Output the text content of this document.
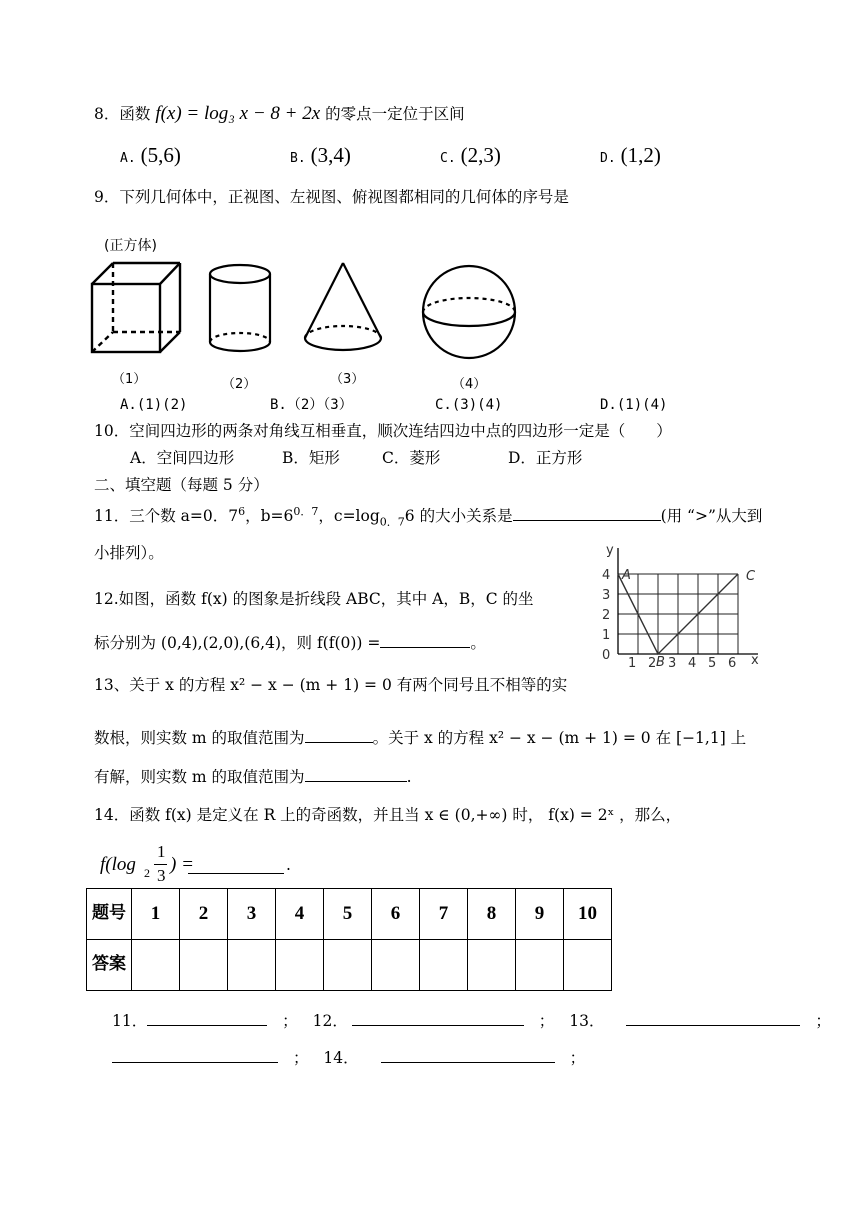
8．函数 f(x) = log₃ x − 8 + 2x 的零点一定位于区间
A. (5,6)	B. (3,4)	C. (2,3)	D. (1,2)
9．下列几何体中，正视图、左视图、俯视图都相同的几何体的序号是
(正方体)
（1）	（2）	（3）	（4）
A.(1)(2)	B.（2）（3）	C.(3)(4)	D.(1)(4)
10．空间四边形的两条对角线互相垂直，顺次连结四边中点的四边形一定是（　　）
A．空间四边形	B．矩形	C．菱形	D．正方形
二、填空题（每题 5 分）
11．三个数 a=0．$7^6$，$b=6^{0.7}$，$c=\log_{0.7}6$ 的大小关系是	(用 “>”从大到
小排列）。
12.如图，函数 f(x) 的图象是折线段 ABC，其中 A，B，C 的坐
标分别为 (0,4),(2,0),(6,4)，则 f(f(0)) =	。
y
x
4
3
2
1
0
1 2 3 4 5 6
A
B
C
13、关于 x 的方程 x² − x − (m + 1) = 0 有两个同号且不相等的实
数根，则实数 m 的取值范围为	。关于 x 的方程 x² − x − (m + 1) = 0 在 [−1,1] 上
有解，则实数 m 的取值范围为	.
14．函数 f(x) 是定义在 R 上的奇函数，并且当 x ∈ (0,+∞) 时， f(x) = 2ˣ ，那么，
f(log 2
1
3
) =	.
题号	1	2	3	4	5	6	7	8	9	10
答案										
11．	； 12．	； 13．	；
； 14．	；
